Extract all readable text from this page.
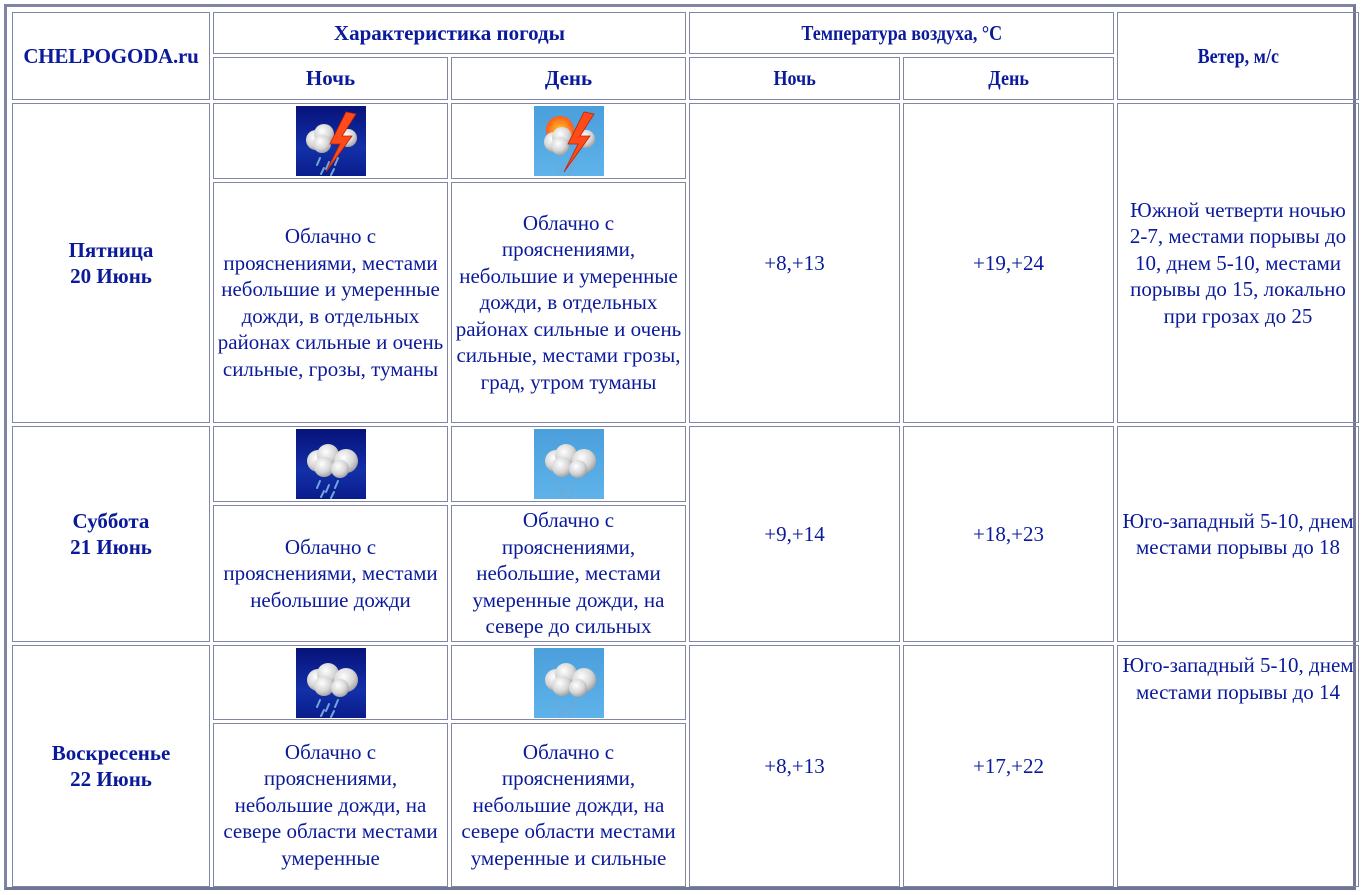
CHELPOGODA.ru	Характеристика погоды		Температура воздуха, °C		Ветер, м/с
	Ночь	День	Ночь	День	
Пятница
20 Июнь			+8,+13	+19,+24	Южной четверти ночью 2-7, местами порывы до 10, днем 5-10, местами порывы до 15, локально при грозах до 25
	Облачно с прояснениями, местами небольшие и умеренные дожди, в отдельных районах сильные и очень сильные, грозы, туманы	Облачно с прояснениями, небольшие и умеренные дожди, в отдельных районах сильные и очень сильные, местами грозы, град, утром туманы			
Суббота
21 Июнь			+9,+14	+18,+23	Юго-западный 5-10, днем местами порывы до 18
	Облачно с прояснениями, местами небольшие дожди	Облачно с прояснениями, небольшие, местами умеренные дожди, на севере до сильных			
Воскресенье
22 Июнь			+8,+13	+17,+22	Юго-западный 5-10, днем местами порывы до 14
	Облачно с прояснениями, небольшие дожди, на севере области местами умеренные	Облачно с прояснениями, небольшие дожди, на севере области местами умеренные и сильные			
